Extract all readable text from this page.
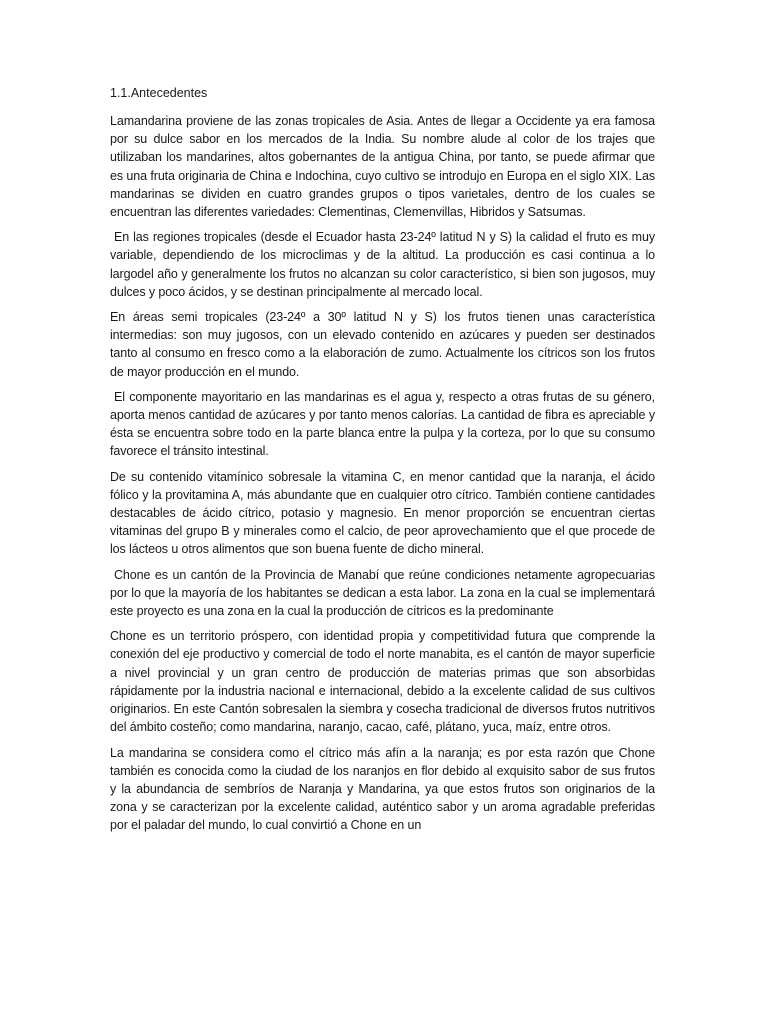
1.1.Antecedentes

Lamandarina proviene de las zonas tropicales de Asia. Antes de llegar a Occidente ya era famosa por su dulce sabor en los mercados de la India. Su nombre alude al color de los trajes que utilizaban los mandarines, altos gobernantes de la antigua China, por tanto, se puede afirmar que es una fruta originaria de China e Indochina, cuyo cultivo se introdujo en Europa en el siglo XIX. Las mandarinas se dividen en cuatro grandes grupos o tipos varietales, dentro de los cuales se encuentran las diferentes variedades: Clementinas, Clemenvillas, Hibridos y Satsumas.

En las regiones tropicales (desde el Ecuador hasta 23-24º latitud N y S) la calidad el fruto es muy variable, dependiendo de los microclimas y de la altitud. La producción es casi continua a lo largodel año y generalmente los frutos no alcanzan su color característico, si bien son jugosos, muy dulces y poco ácidos, y se destinan principalmente al mercado local.

En áreas semi tropicales (23-24º a 30º latitud N y S) los frutos tienen unas característica intermedias: son muy jugosos, con un elevado contenido en azúcares y pueden ser destinados tanto al consumo en fresco como a la elaboración de zumo. Actualmente los cítricos son los frutos de mayor producción en el mundo.

El componente mayoritario en las mandarinas es el agua y, respecto a otras frutas de su género, aporta menos cantidad de azúcares y por tanto menos calorías. La cantidad de fibra es apreciable y ésta se encuentra sobre todo en la parte blanca entre la pulpa y la corteza, por lo que su consumo favorece el tránsito intestinal.

De su contenido vitamínico sobresale la vitamina C, en menor cantidad que la naranja, el ácido fólico y la provitamina A, más abundante que en cualquier otro cítrico. También contiene cantidades destacables de ácido cítrico, potasio y magnesio. En menor proporción se encuentran ciertas vitaminas del grupo B y minerales como el calcio, de peor aprovechamiento que el que procede de los lácteos u otros alimentos que son buena fuente de dicho mineral.

Chone es un cantón de la Provincia de Manabí que reúne condiciones netamente agropecuarias por lo que la mayoría de los habitantes se dedican a esta labor. La zona en la cual se implementará este proyecto es una zona en la cual la producción de cítricos es la predominante

Chone es un territorio próspero, con identidad propia y competitividad futura que comprende la conexión del eje productivo y comercial de todo el norte manabita, es el cantón de mayor superficie a nivel provincial y un gran centro de producción de materias primas que son absorbidas rápidamente por la industria nacional e internacional, debido a la excelente calidad de sus cultivos originarios. En este Cantón sobresalen la siembra y cosecha tradicional de diversos frutos nutritivos del ámbito costeño; como mandarina, naranjo, cacao, café, plátano, yuca, maíz, entre otros.

La mandarina se considera como el cítrico más afín a la naranja; es por esta razón que Chone también es conocida como la ciudad de los naranjos en flor debido al exquisito sabor de sus frutos y la abundancia de sembríos de Naranja y Mandarina, ya que estos frutos son originarios de la zona y se caracterizan por la excelente calidad, auténtico sabor y un aroma agradable preferidas por el paladar del mundo, lo cual convirtió a Chone en un
